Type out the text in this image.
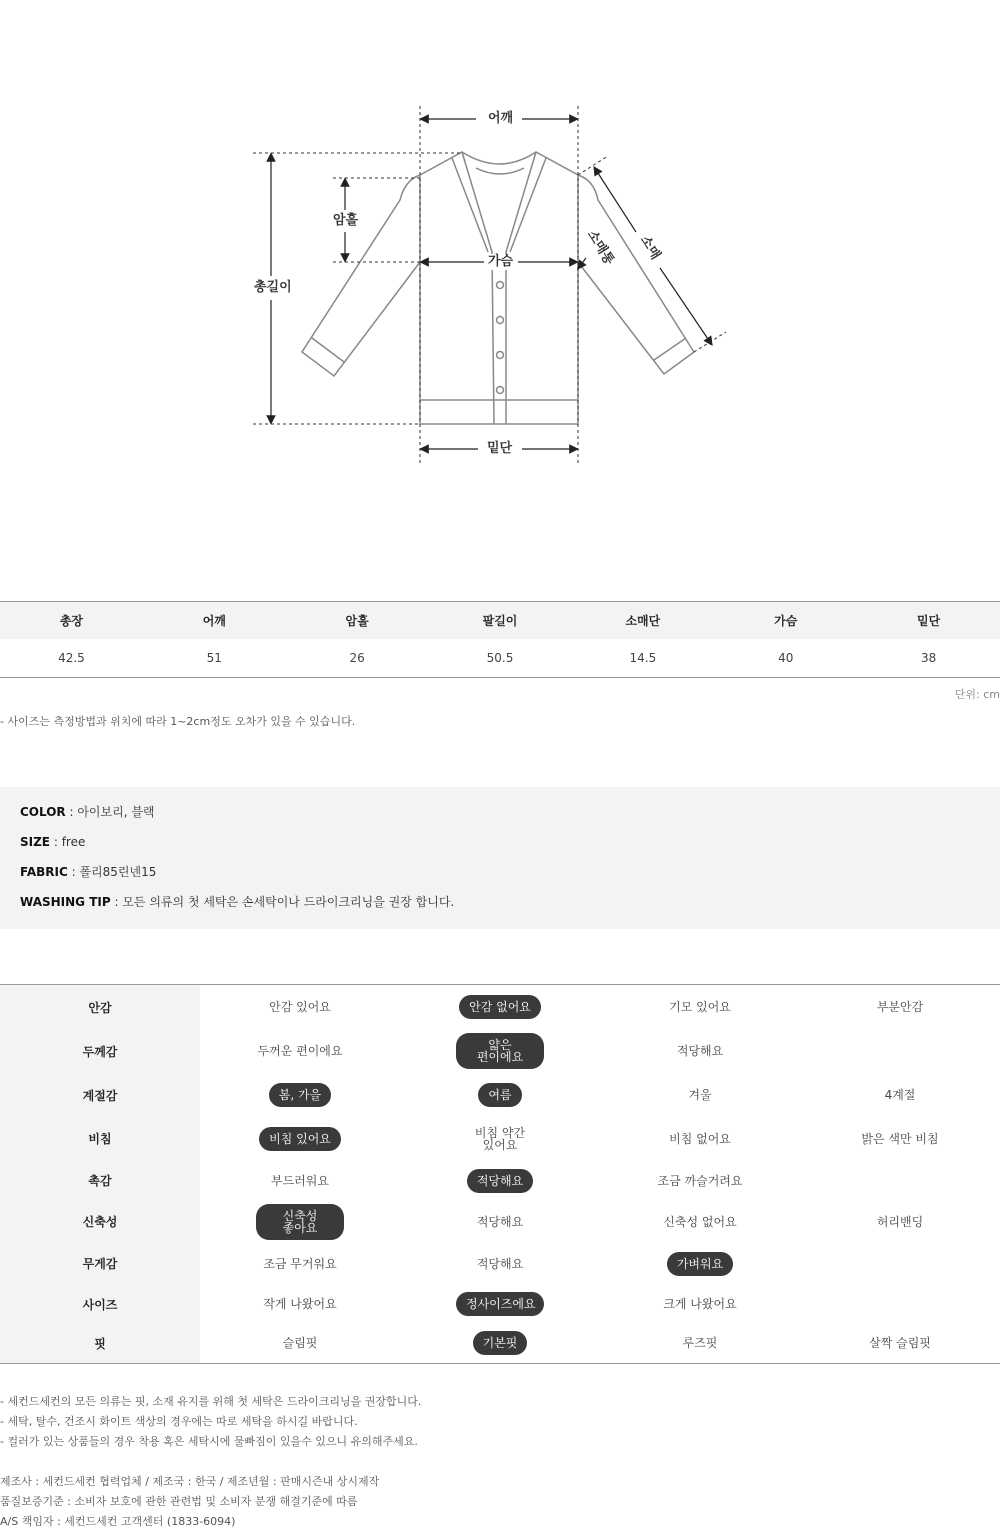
어깨
암홀
총길이
가슴
밑단
소매통 소매
총장	어깨	암홀	팔길이	소매단	가슴	밑단
42.5	51	26	50.5	14.5	40	38
단위: cm
- 사이즈는 측정방법과 위치에 따라 1~2cm정도 오차가 있을 수 있습니다.
COLOR : 아이보리, 블랙
SIZE : free
FABRIC : 폴리85린넨15
WASHING TIP : 모든 의류의 첫 세탁은 손세탁이나 드라이크리닝을 권장 합니다.
안감	안감 있어요	안감 없어요	기모 있어요	부분안감
두께감	두꺼운 편이에요	얇은 편이에요	적당해요
계절감	봄, 가을	여름	겨울	4계절
비침	비침 있어요	비침 약간 있어요	비침 없어요	밝은 색만 비침
촉감	부드러워요	적당해요	조금 까슬거려요
신축성	신축성 좋아요	적당해요	신축성 없어요	허리밴딩
무게감	조금 무거워요	적당해요	가벼워요
사이즈	작게 나왔어요	정사이즈에요	크게 나왔어요
핏	슬림핏	기본핏	루즈핏	살짝 슬림핏
- 세컨드세컨의 모든 의류는 핏, 소재 유지를 위해 첫 세탁은 드라이크리닝을 권장합니다.
- 세탁, 탈수, 건조시 화이트 색상의 경우에는 따로 세탁을 하시길 바랍니다.
- 컬러가 있는 상품들의 경우 착용 혹은 세탁시에 물빠짐이 있을수 있으니 유의해주세요.
제조사 : 세컨드세컨 협력업체 / 제조국 : 한국 / 제조년월 : 판매시즌내 상시제작
품질보증기준 : 소비자 보호에 관한 관련법 및 소비자 분쟁 해결기준에 따름
A/S 책임자 : 세컨드세컨 고객센터 (1833-6094)
